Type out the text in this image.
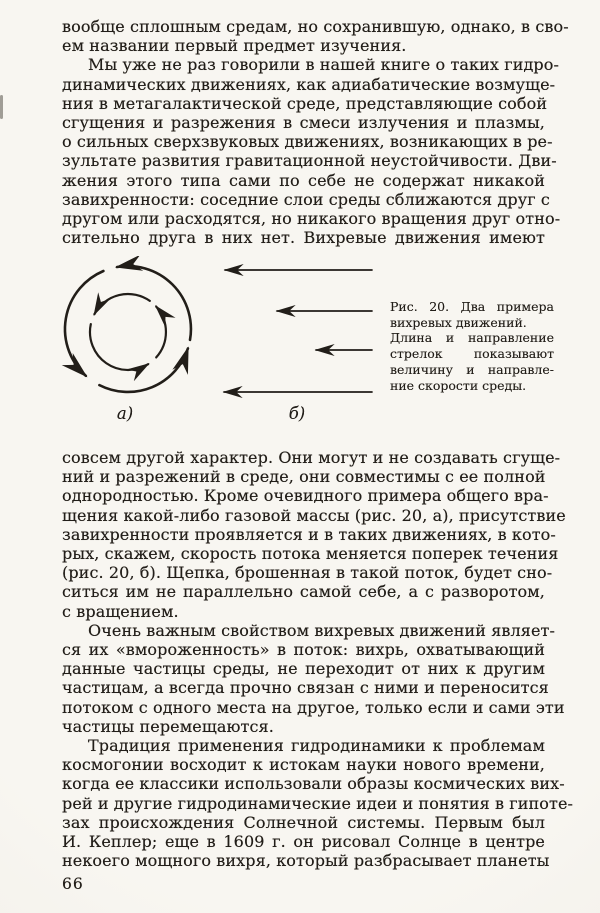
вообще сплошным средам, но сохранившую, однако, в сво-
ем названии первый предмет изучения.
Мы уже не раз говорили в нашей книге о таких гидро-
динамических движениях, как адиабатические возмуще-
ния в метагалактической среде, представляющие собой
сгущения и разрежения в смеси излучения и плазмы,
о сильных сверхзвуковых движениях, возникающих в ре-
зультате развития гравитационной неустойчивости. Дви-
жения этого типа сами по себе не содержат никакой
завихренности: соседние слои среды сближаются друг с
другом или расходятся, но никакого вращения друг отно-
сительно друга в них нет. Вихревые движения имеют
а)	б)
Рис. 20. Два примера
вихревых движений.
Длина и направление
стрелок показывают
величину и направле-
ние скорости среды.
совсем другой характер. Они могут и не создавать сгуще-
ний и разрежений в среде, они совместимы с ее полной
однородностью. Кроме очевидного примера общего вра-
щения какой-либо газовой массы (рис. 20, а), присутствие
завихренности проявляется и в таких движениях, в кото-
рых, скажем, скорость потока меняется поперек течения
(рис. 20, б). Щепка, брошенная в такой поток, будет сно-
ситься им не параллельно самой себе, а с разворотом,
с вращением.
Очень важным свойством вихревых движений являет-
ся их «вмороженность» в поток: вихрь, охватывающий
данные частицы среды, не переходит от них к другим
частицам, а всегда прочно связан с ними и переносится
потоком с одного места на другое, только если и сами эти
частицы перемещаются.
Традиция применения гидродинамики к проблемам
космогонии восходит к истокам науки нового времени,
когда ее классики использовали образы космических вих-
рей и другие гидродинамические идеи и понятия в гипоте-
зах происхождения Солнечной системы. Первым был
И. Кеплер; еще в 1609 г. он рисовал Солнце в центре
некоего мощного вихря, который разбрасывает планеты
66
